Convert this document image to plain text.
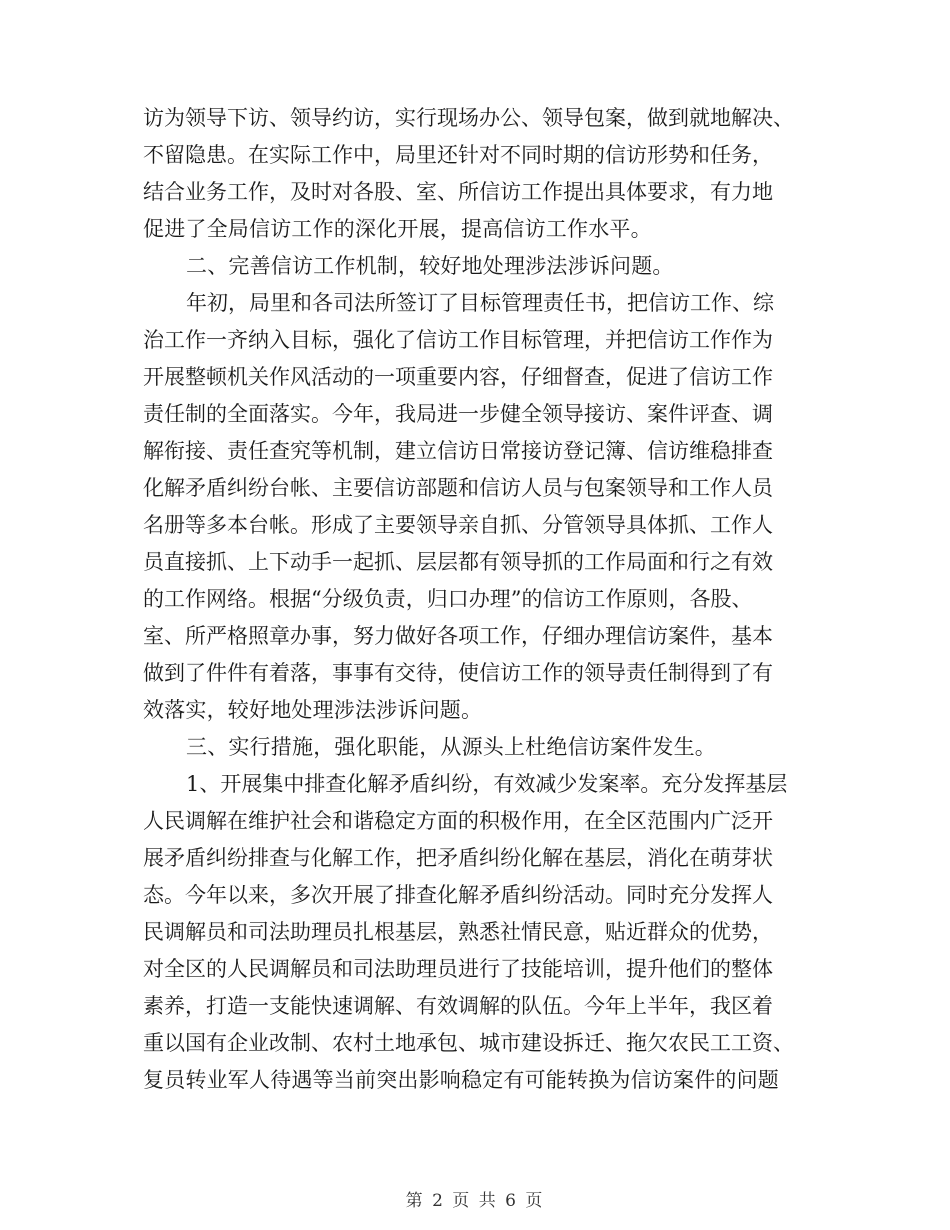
访为领导下访、领导约访，实行现场办公、领导包案，做到就地解决、
不留隐患。在实际工作中，局里还针对不同时期的信访形势和任务，
结合业务工作，及时对各股、室、所信访工作提出具体要求，有力地
促进了全局信访工作的深化开展，提高信访工作水平。
二、完善信访工作机制，较好地处理涉法涉诉问题。
年初，局里和各司法所签订了目标管理责任书，把信访工作、综
治工作一齐纳入目标，强化了信访工作目标管理，并把信访工作作为
开展整顿机关作风活动的一项重要内容，仔细督查，促进了信访工作
责任制的全面落实。今年，我局进一步健全领导接访、案件评查、调
解衔接、责任查究等机制，建立信访日常接访登记簿、信访维稳排查
化解矛盾纠纷台帐、主要信访部题和信访人员与包案领导和工作人员
名册等多本台帐。形成了主要领导亲自抓、分管领导具体抓、工作人
员直接抓、上下动手一起抓、层层都有领导抓的工作局面和行之有效
的工作网络。根据“分级负责，归口办理”的信访工作原则，各股、
室、所严格照章办事，努力做好各项工作，仔细办理信访案件，基本
做到了件件有着落，事事有交待，使信访工作的领导责任制得到了有
效落实，较好地处理涉法涉诉问题。
三、实行措施，强化职能，从源头上杜绝信访案件发生。
1、开展集中排查化解矛盾纠纷，有效减少发案率。充分发挥基层
人民调解在维护社会和谐稳定方面的积极作用，在全区范围内广泛开
展矛盾纠纷排查与化解工作，把矛盾纠纷化解在基层，消化在萌芽状
态。今年以来，多次开展了排查化解矛盾纠纷活动。同时充分发挥人
民调解员和司法助理员扎根基层，熟悉社情民意，贴近群众的优势，
对全区的人民调解员和司法助理员进行了技能培训，提升他们的整体
素养，打造一支能快速调解、有效调解的队伍。今年上半年，我区着
重以国有企业改制、农村土地承包、城市建设拆迁、拖欠农民工工资、
复员转业军人待遇等当前突出影响稳定有可能转换为信访案件的问题
第 2 页 共 6 页
